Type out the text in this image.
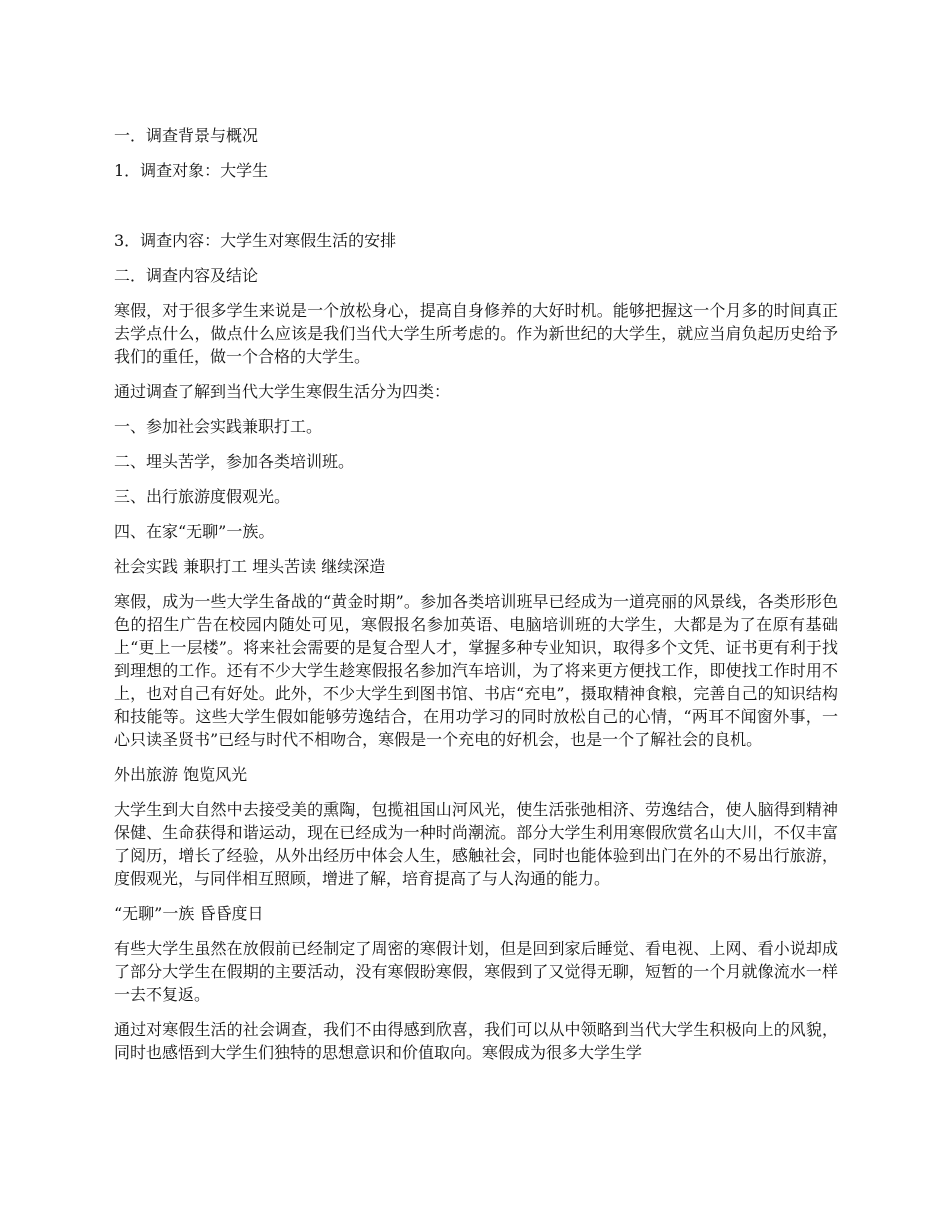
一．调查背景与概况

1．调查对象：大学生

3．调查内容：大学生对寒假生活的安排

二．调查内容及结论

寒假，对于很多学生来说是一个放松身心，提高自身修养的大好时机。能够把握这一个月多的时间真正去学点什么，做点什么应该是我们当代大学生所考虑的。作为新世纪的大学生，就应当肩负起历史给予我们的重任，做一个合格的大学生。

通过调查了解到当代大学生寒假生活分为四类：

一、参加社会实践兼职打工。

二、埋头苦学，参加各类培训班。

三、出行旅游度假观光。

四、在家“无聊”一族。

社会实践 兼职打工 埋头苦读 继续深造

寒假，成为一些大学生备战的“黄金时期”。参加各类培训班早已经成为一道亮丽的风景线，各类形形色色的招生广告在校园内随处可见，寒假报名参加英语、电脑培训班的大学生，大都是为了在原有基础上“更上一层楼”。将来社会需要的是复合型人才，掌握多种专业知识，取得多个文凭、证书更有利于找到理想的工作。还有不少大学生趁寒假报名参加汽车培训，为了将来更方便找工作，即使找工作时用不上，也对自己有好处。此外，不少大学生到图书馆、书店“充电”，摄取精神食粮，完善自己的知识结构和技能等。这些大学生假如能够劳逸结合，在用功学习的同时放松自己的心情，“两耳不闻窗外事，一心只读圣贤书”已经与时代不相吻合，寒假是一个充电的好机会，也是一个了解社会的良机。

外出旅游 饱览风光

大学生到大自然中去接受美的熏陶，包揽祖国山河风光，使生活张弛相济、劳逸结合，使人脑得到精神保健、生命获得和谐运动，现在已经成为一种时尚潮流。部分大学生利用寒假欣赏名山大川，不仅丰富了阅历，增长了经验，从外出经历中体会人生，感触社会，同时也能体验到出门在外的不易出行旅游，度假观光，与同伴相互照顾，增进了解，培育提高了与人沟通的能力。

“无聊”一族 昏昏度日

有些大学生虽然在放假前已经制定了周密的寒假计划，但是回到家后睡觉、看电视、上网、看小说却成了部分大学生在假期的主要活动，没有寒假盼寒假，寒假到了又觉得无聊，短暂的一个月就像流水一样一去不复返。

通过对寒假生活的社会调查，我们不由得感到欣喜，我们可以从中领略到当代大学生积极向上的风貌，同时也感悟到大学生们独特的思想意识和价值取向。寒假成为很多大学生学
